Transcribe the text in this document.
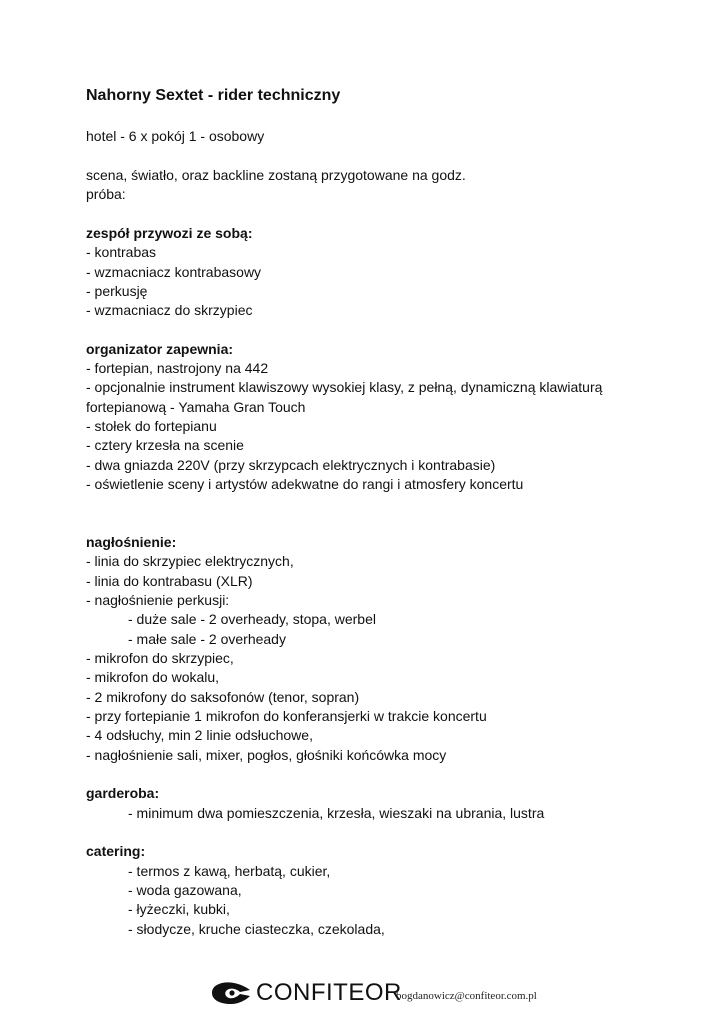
Nahorny Sextet - rider techniczny
hotel - 6 x pokój 1 - osobowy
scena, światło, oraz backline zostaną przygotowane na godz.
próba:
zespół przywozi ze sobą:
- kontrabas
- wzmacniacz kontrabasowy
- perkusję
- wzmacniacz do skrzypiec
organizator zapewnia:
- fortepian, nastrojony na 442
- opcjonalnie instrument klawiszowy wysokiej klasy, z pełną, dynamiczną klawiaturą
fortepianową - Yamaha Gran Touch
- stołek do fortepianu
- cztery krzesła na scenie
- dwa gniazda 220V (przy skrzypcach elektrycznych i kontrabasie)
- oświetlenie sceny i artystów adekwatne do rangi i atmosfery koncertu
nagłośnienie:
- linia do skrzypiec elektrycznych,
- linia do kontrabasu (XLR)
- nagłośnienie perkusji:
- duże sale - 2 overheady, stopa, werbel
- małe sale - 2 overheady
- mikrofon do skrzypiec,
- mikrofon do wokalu,
- 2 mikrofony do saksofonów (tenor, sopran)
- przy fortepianie 1 mikrofon do konferansjerki w trakcie koncertu
- 4 odsłuchy, min 2 linie odsłuchowe,
- nagłośnienie sali, mixer, pogłos, głośniki końcówka mocy
garderoba:
- minimum dwa pomieszczenia, krzesła, wieszaki na ubrania, lustra
catering:
- termos z kawą, herbatą, cukier,
- woda gazowana,
- łyżeczki, kubki,
- słodycze, kruche ciasteczka, czekolada,
CONFITEOR
bogdanowicz@confiteor.com.pl
